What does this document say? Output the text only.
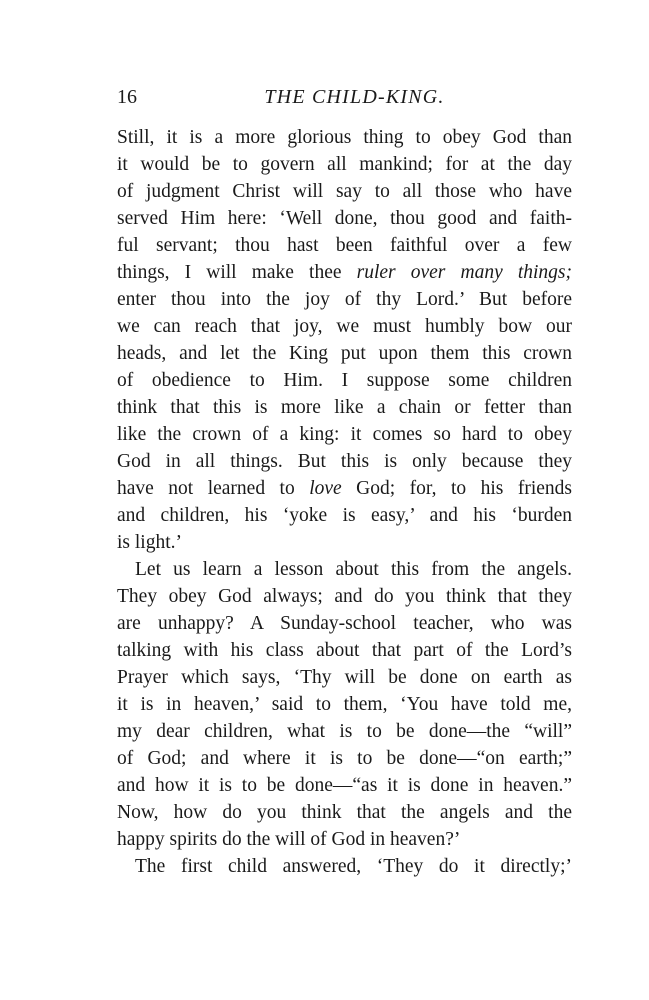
16	THE CHILD-KING.
Still, it is a more glorious thing to obey God than
it would be to govern all mankind; for at the day
of judgment Christ will say to all those who have
served Him here: ‘Well done, thou good and faith-
ful servant; thou hast been faithful over a few
things, I will make thee ruler over many things;
enter thou into the joy of thy Lord.’ But before
we can reach that joy, we must humbly bow our
heads, and let the King put upon them this crown
of obedience to Him. I suppose some children
think that this is more like a chain or fetter than
like the crown of a king: it comes so hard to obey
God in all things. But this is only because they
have not learned to love God; for, to his friends
and children, his ‘yoke is easy,’ and his ‘burden
is light.’
Let us learn a lesson about this from the angels.
They obey God always; and do you think that they
are unhappy? A Sunday-school teacher, who was
talking with his class about that part of the Lord’s
Prayer which says, ‘Thy will be done on earth as
it is in heaven,’ said to them, ‘You have told me,
my dear children, what is to be done—the “will”
of God; and where it is to be done—“on earth;”
and how it is to be done—“as it is done in heaven.”
Now, how do you think that the angels and the
happy spirits do the will of God in heaven?’
The first child answered, ‘They do it directly;’
